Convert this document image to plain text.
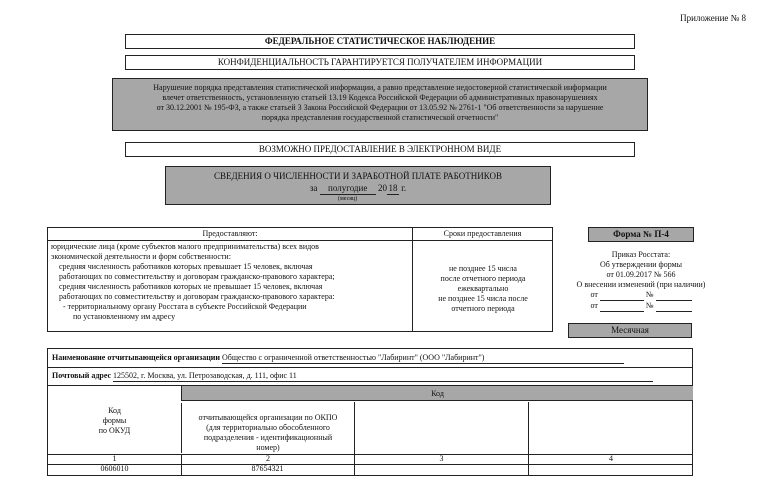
Приложение № 8
ФЕДЕРАЛЬНОЕ СТАТИСТИЧЕСКОЕ НАБЛЮДЕНИЕ
КОНФИДЕНЦИАЛЬНОСТЬ ГАРАНТИРУЕТСЯ ПОЛУЧАТЕЛЕМ ИНФОРМАЦИИ
Нарушение порядка представления статистической информации, а равно представление недостоверной статистической информации
влечет ответственность, установленную статьей 13.19 Кодекса Российской Федерации об административных правонарушениях
от 30.12.2001 № 195-ФЗ, а также статьей 3 Закона Российской Федерации от 13.05.92 № 2761-1 "Об ответственности за нарушение
порядка представления государственной статистической отчетности"
ВОЗМОЖНО ПРЕДОСТАВЛЕНИЕ В ЭЛЕКТРОННОМ ВИДЕ
СВЕДЕНИЯ О ЧИСЛЕННОСТИ И ЗАРАБОТНОЙ ПЛАТЕ РАБОТНИКОВ
за полугодие 20 18 г.
(месяц)
Предоставляют:	Сроки предоставления
юридические лица (кроме субъектов малого предпринимательства) всех видов
экономической деятельности и форм собственности:
средняя численность работников которых превышает 15 человек, включая
работающих по совместительству и договорам гражданско-правового характера;
средняя численность работников которых не превышает 15 человек, включая
работающих по совместительству и договорам гражданско-правового характера:
- территориальному органу Росстата в субъекте Российской Федерации
по установленному им адресу
не позднее 15 числа
после отчетного периода
ежеквартально
не позднее 15 числа после
отчетного периода
Форма № П-4
Приказ Росстата:
Об утверждении формы
от 01.09.2017 № 566
О внесении изменений (при наличии)
от	№
от	№
Месячная
Наименование отчитывающейся организации Общество с ограниченной ответственностью "Лабиринт" (ООО "Лабиринт")
Почтовый адрес 125502, г. Москва, ул. Петрозаводская, д. 111, офис 11
Код

Код
формы
по ОКУД

отчитывающейся организации по ОКПО
(для территориально обособленного
подразделения - идентификационный
номер)

1	2	3	4
0606010	87654321
